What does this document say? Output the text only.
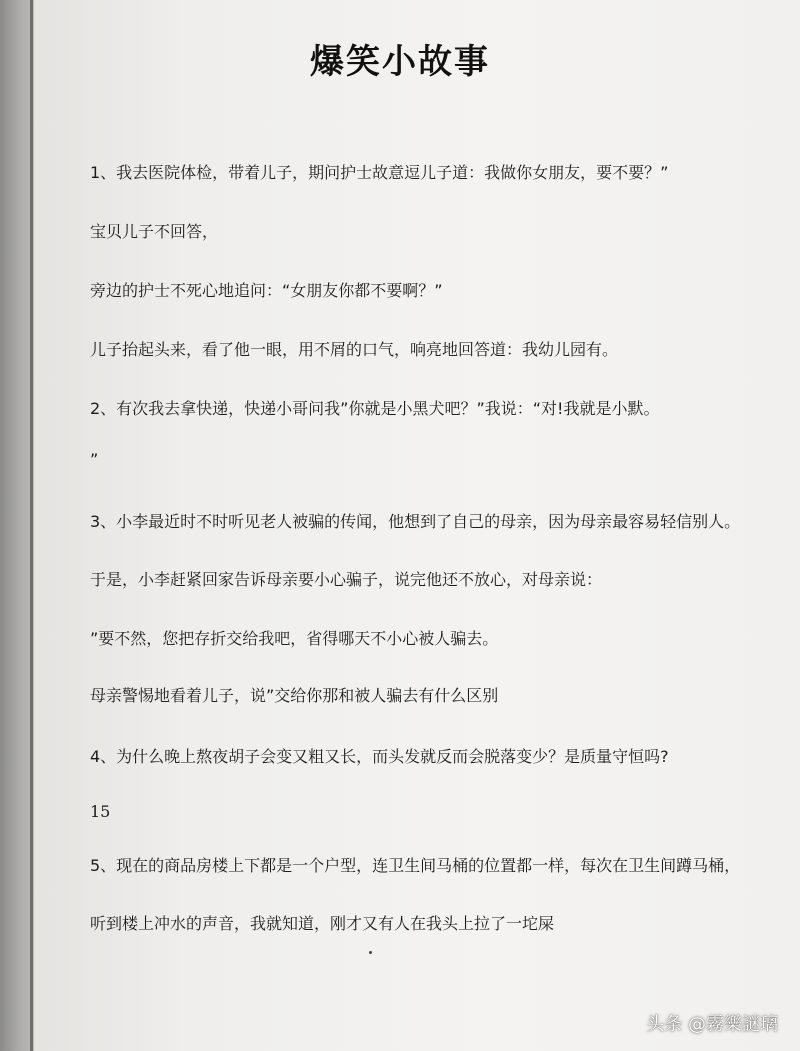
爆笑小故事
1、我去医院体检，带着儿子，期问护士故意逗儿子道：我做你女朋友，要不要？”
宝贝儿子不回答，
旁边的护士不死心地追问：“女朋友你都不要啊？”
儿子抬起头来，看了他一眼，用不屑的口气，响亮地回答道：我幼儿园有。
2、有次我去拿快递，快递小哥问我”你就是小黑犬吧？”我说：“对!我就是小默。
”
3、小李最近时不时听见老人被骗的传闻，他想到了自己的母亲，因为母亲最容易轻信别人。
于是，小李赶紧回家告诉母亲要小心骗子，说完他还不放心，对母亲说：
”要不然，您把存折交给我吧，省得哪天不小心被人骗去。
母亲警惕地看着儿子，说”交给你那和被人骗去有什么区别
4、为什么晚上熬夜胡子会变又粗又长，而头发就反而会脱落变少？是质量守恒吗?
15
5、现在的商品房楼上下都是一个户型，连卫生间马桶的位置都一样，每次在卫生间蹲马桶，
听到楼上冲水的声音，我就知道，刚才又有人在我头上拉了一坨屎
头条 @霧樂謎璃
